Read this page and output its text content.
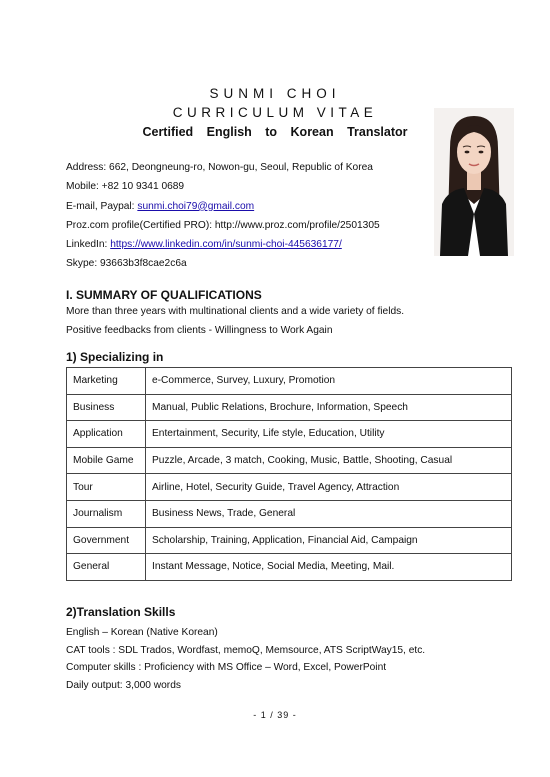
SUNMI CHOI
CURRICULUM VITAE
Certified English to Korean Translator
Address: 662, Deongneung-ro, Nowon-gu, Seoul, Republic of Korea
Mobile: +82 10 9341 0689
E-mail, Paypal: sunmi.choi79@gmail.com
Proz.com profile(Certified PRO): http://www.proz.com/profile/2501305
LinkedIn: https://www.linkedin.com/in/sunmi-choi-445636177/
Skype: 93663b3f8cae2c6a
I. SUMMARY OF QUALIFICATIONS
More than three years with multinational clients and a wide variety of fields.
Positive feedbacks from clients - Willingness to Work Again
1) Specializing in
Marketing	e-Commerce, Survey, Luxury, Promotion
Business	Manual, Public Relations, Brochure, Information, Speech
Application	Entertainment, Security, Life style, Education, Utility
Mobile Game	Puzzle, Arcade, 3 match, Cooking, Music, Battle, Shooting, Casual
Tour	Airline, Hotel, Security Guide, Travel Agency, Attraction
Journalism	Business News, Trade, General
Government	Scholarship, Training, Application, Financial Aid, Campaign
General	Instant Message, Notice, Social Media, Meeting, Mail.
2)Translation Skills
English – Korean (Native Korean)
CAT tools : SDL Trados, Wordfast, memoQ, Memsource, ATS ScriptWay15, etc.
Computer skills : Proficiency with MS Office – Word, Excel, PowerPoint
Daily output: 3,000 words
- 1 / 39 -
